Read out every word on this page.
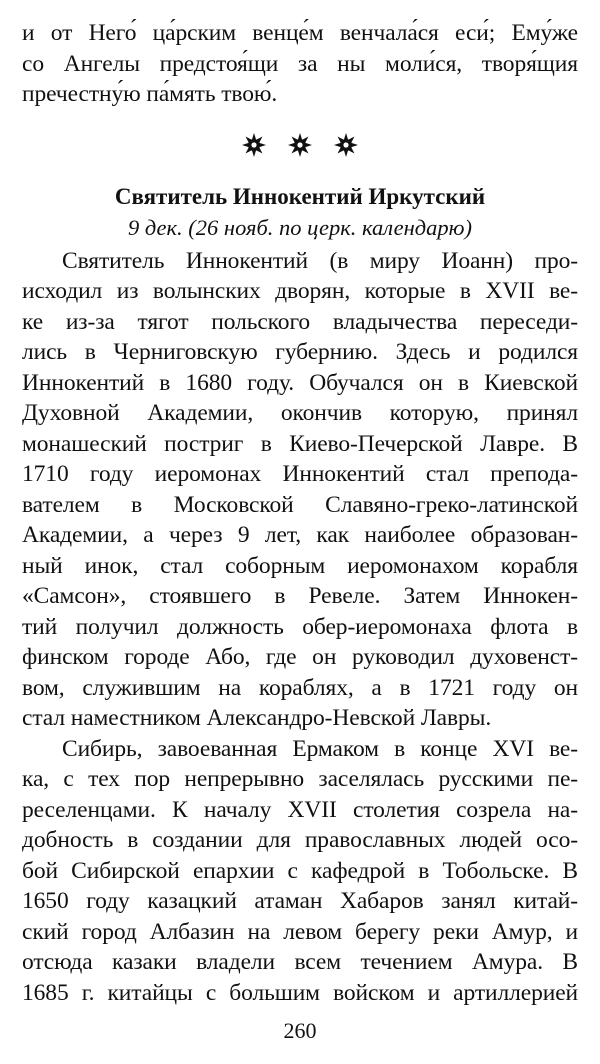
и от Него́ ца́рским венце́м венчала́ся еси́; Ему́же
со Ангелы предстоя́щи за ны моли́ся, творя́щия
пречестну́ю па́мять твою́.
Святитель Иннокентий Иркутский
9 дек. (26 нояб. по церк. календарю)
Святитель Иннокентий (в миру Иоанн) про-
исходил из волынских дворян, которые в XVII ве-
ке из-за тягот польского владычества переседи-
лись в Черниговскую губернию. Здесь и родился
Иннокентий в 1680 году. Обучался он в Киевской
Духовной Академии, окончив которую, принял
монашеский постриг в Киево-Печерской Лавре. В
1710 году иеромонах Иннокентий стал препода-
вателем в Московской Славяно-греко-латинской
Академии, а через 9 лет, как наиболее образован-
ный инок, стал соборным иеромонахом корабля
«Самсон», стоявшего в Ревеле. Затем Иннокен-
тий получил должность обер-иеромонаха флота в
финском городе Або, где он руководил духовенст-
вом, служившим на кораблях, а в 1721 году он
стал наместником Александро-Невской Лавры.
Сибирь, завоеванная Ермаком в конце XVI ве-
ка, с тех пор непрерывно заселялась русскими пе-
реселенцами. К началу XVII столетия созрела на-
добность в создании для православных людей осо-
бой Сибирской епархии с кафедрой в Тобольске. В
1650 году казацкий атаман Хабаров занял китай-
ский город Албазин на левом берегу реки Амур, и
отсюда казаки владели всем течением Амура. В
1685 г. китайцы с большим войском и артиллерией
260
